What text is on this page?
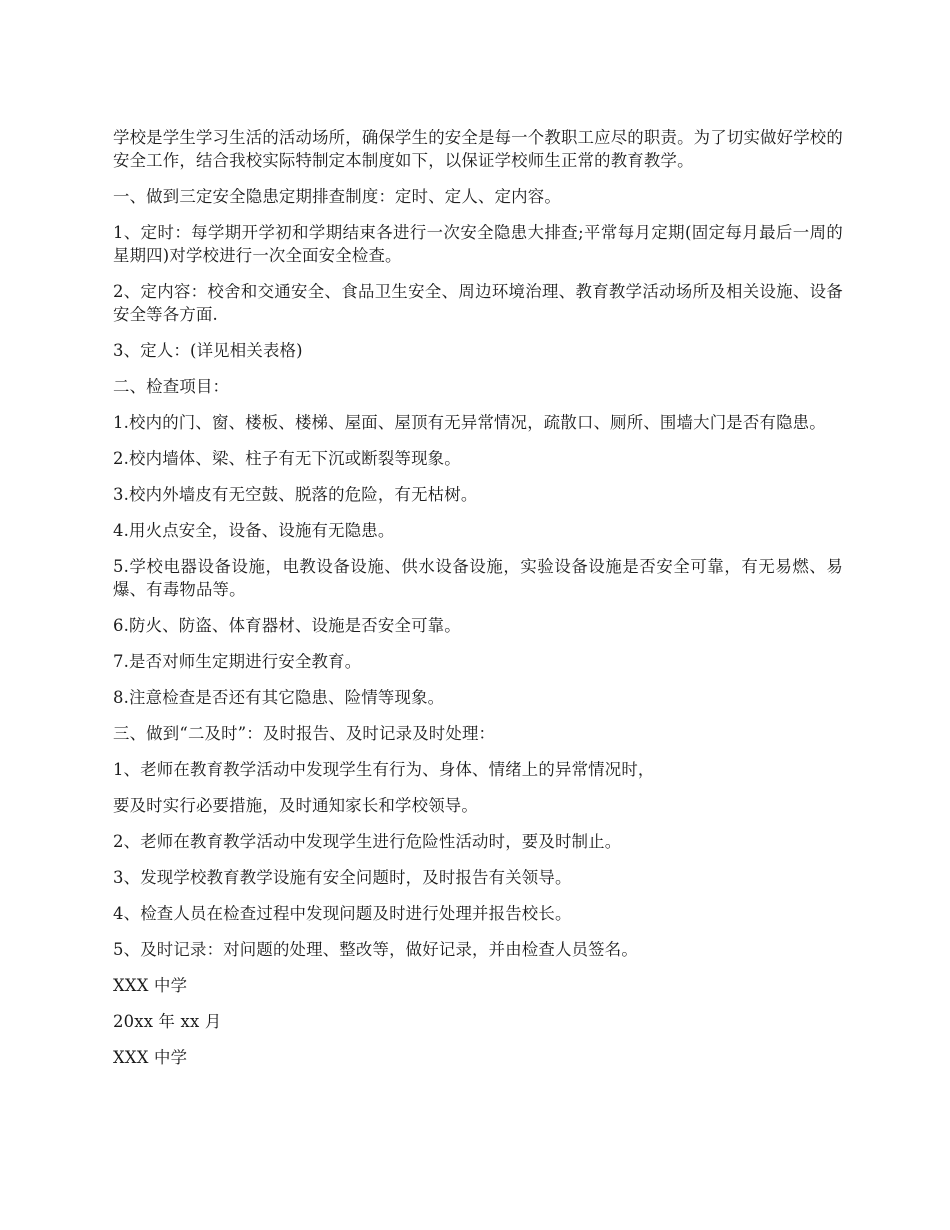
学校是学生学习生活的活动场所，确保学生的安全是每一个教职工应尽的职责。为了切实做好学校的安全工作，结合我校实际特制定本制度如下，以保证学校师生正常的教育教学。

一、做到三定安全隐患定期排查制度：定时、定人、定内容。

1、定时：每学期开学初和学期结束各进行一次安全隐患大排查;平常每月定期(固定每月最后一周的星期四)对学校进行一次全面安全检查。

2、定内容：校舍和交通安全、食品卫生安全、周边环境治理、教育教学活动场所及相关设施、设备安全等各方面.

3、定人：(详见相关表格)

二、检查项目：

1.校内的门、窗、楼板、楼梯、屋面、屋顶有无异常情况，疏散口、厕所、围墙大门是否有隐患。

2.校内墙体、梁、柱子有无下沉或断裂等现象。

3.校内外墙皮有无空鼓、脱落的危险，有无枯树。

4.用火点安全，设备、设施有无隐患。

5.学校电器设备设施，电教设备设施、供水设备设施，实验设备设施是否安全可靠，有无易燃、易爆、有毒物品等。

6.防火、防盗、体育器材、设施是否安全可靠。

7.是否对师生定期进行安全教育。

8.注意检查是否还有其它隐患、险情等现象。

三、做到“二及时”：及时报告、及时记录及时处理：

1、老师在教育教学活动中发现学生有行为、身体、情绪上的异常情况时，

要及时实行必要措施，及时通知家长和学校领导。

2、老师在教育教学活动中发现学生进行危险性活动时，要及时制止。

3、发现学校教育教学设施有安全问题时，及时报告有关领导。

4、检查人员在检查过程中发现问题及时进行处理并报告校长。

5、及时记录：对问题的处理、整改等，做好记录，并由检查人员签名。

XXX 中学

20xx 年 xx 月

XXX 中学
